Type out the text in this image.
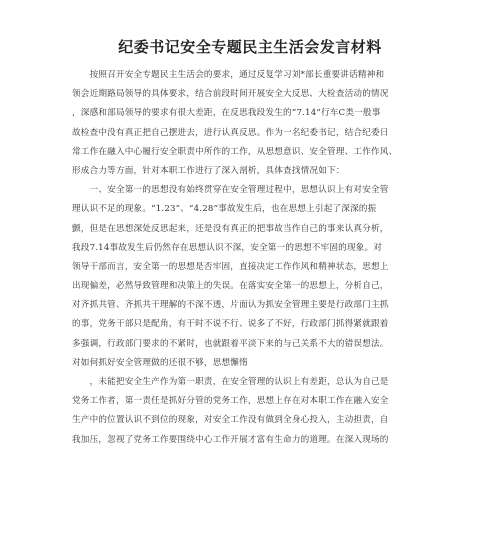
纪委书记安全专题民主生活会发言材料
　　按照召开安全专题民主生活会的要求，通过反复学习刘*部长重要讲话精神和
领会近期路局领导的具体要求，结合前段时间开展安全大反思、大检查活动的情况
，深感和部局领导的要求有很大差距，在反思我段发生的“7.14”行车C类一般事
故检查中没有真正把自己摆进去，进行认真反思。作为一名纪委书记，结合纪委日
常工作在融入中心履行安全职责中所作的工作，从思想意识、安全管理、工作作风、
形成合力等方面，针对本职工作进行了深入剖析，具体查找情况如下：
　　一、安全第一的思想没有始终贯穿在安全管理过程中，思想认识上有对安全管
理认识不足的现象。“1.23”、“4.28”事故发生后，也在思想上引起了深深的振
颤，但是在思想深处反思起来，还是没有真正的把事故当作自己的事来认真分析，
我段7.14事故发生后仍然存在思想认识不深，安全第一的思想不牢固的现象。对
领导干部而言，安全第一的思想是否牢固，直接决定工作作风和精神状态，思想上
出现偏差，必然导致管理和决策上的失误。在落实安全第一的思想上，分析自己，
对齐抓共管、齐抓共干理解的不深不透，片面认为抓安全管理主要是行政部门主抓
的事，党务干部只是配角，有干时不说不行、说多了不好，行政部门抓得紧就跟着
多强调，行政部门要求的不紧时，也就跟着平淡下来的与己关系不大的错误想法。
对如何抓好安全管理做的还很不够，思想懈惰
　　，未能把安全生产作为第一职责，在安全管理的认识上有差距，总认为自己是
党务工作者，第一责任是抓好分管的党务工作，思想上存在对本职工作在融入安全
生产中的位置认识不到位的现象，对安全工作没有做到全身心投入，主动担责，自
我加压，忽视了党务工作要围绕中心工作开展才富有生命力的道理。在深入现场的
